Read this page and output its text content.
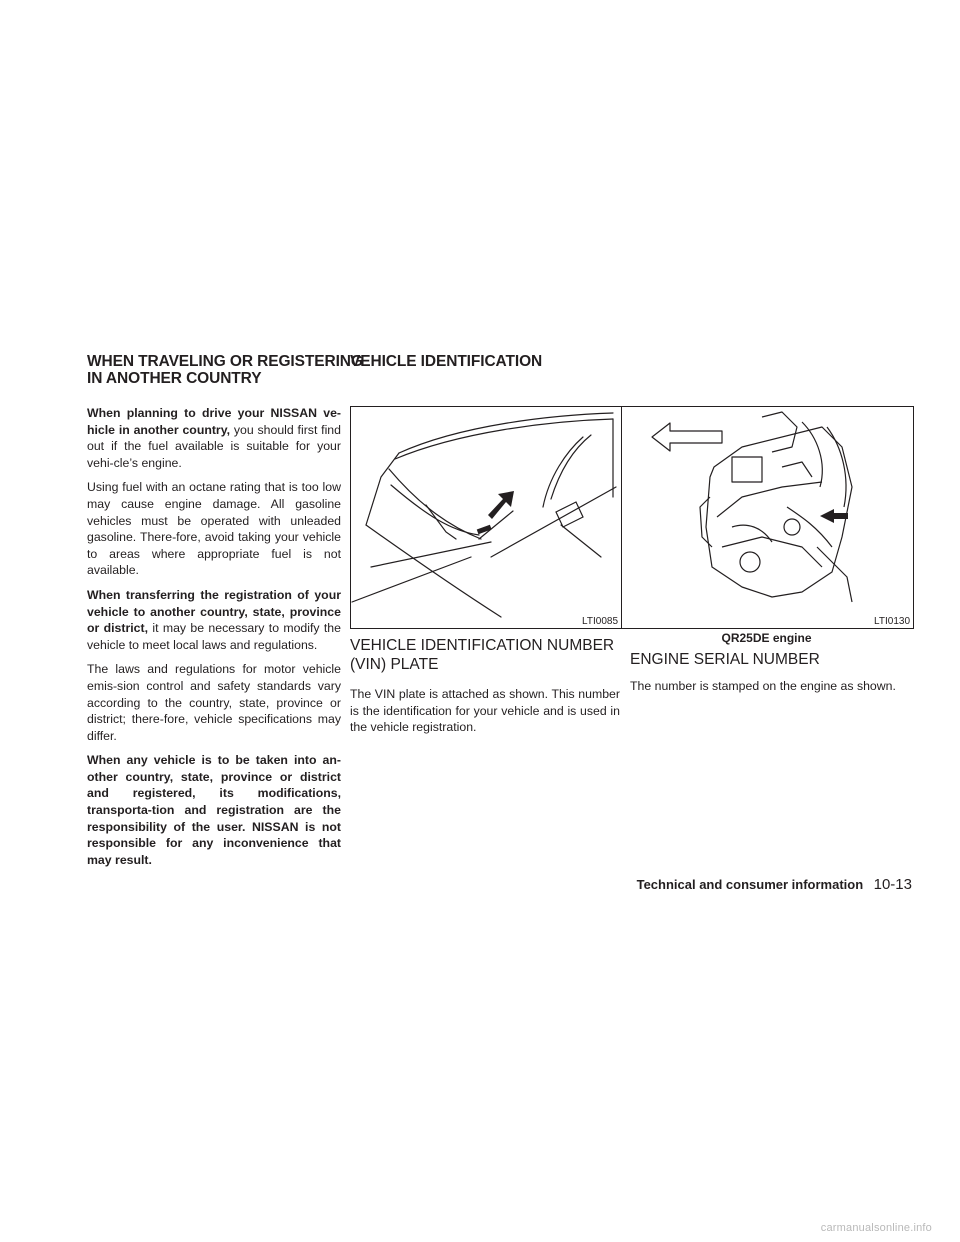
WHEN TRAVELING OR REGISTERING
IN ANOTHER COUNTRY
VEHICLE IDENTIFICATION

When planning to drive your NISSAN ve-hicle in another country, you should first find out if the fuel available is suitable for your vehi-cle’s engine.

Using fuel with an octane rating that is too low may cause engine damage. All gasoline vehicles must be operated with unleaded gasoline. There-fore, avoid taking your vehicle to areas where appropriate fuel is not available.

When transferring the registration of your vehicle to another country, state, province or district, it may be necessary to modify the vehicle to meet local laws and regulations.

The laws and regulations for motor vehicle emis-sion control and safety standards vary according to the country, state, province or district; there-fore, vehicle specifications may differ.

When any vehicle is to be taken into an-other country, state, province or district and registered, its modifications, transporta-tion and registration are the responsibility of the user. NISSAN is not responsible for any inconvenience that may result.

LTI0085	LTI0130
QR25DE engine
VEHICLE IDENTIFICATION NUMBER
(VIN) PLATE

The VIN plate is attached as shown. This number is the identification for your vehicle and is used in the vehicle registration.

ENGINE SERIAL NUMBER

The number is stamped on the engine as shown.

Technical and consumer information 10-13
carmanualsonline.info
